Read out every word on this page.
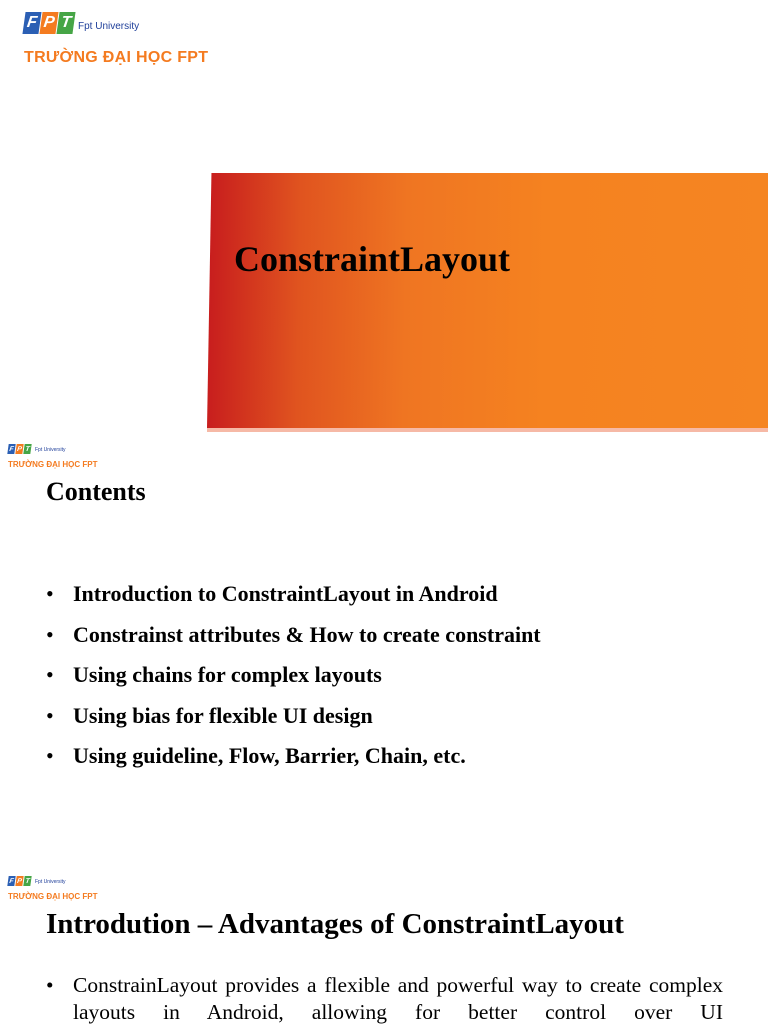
F P T Fpt University
TRƯỜNG ĐẠI HỌC FPT
ConstraintLayout
F P T Fpt University
TRƯỜNG ĐẠI HỌC FPT
Contents
• Introduction to ConstraintLayout in Android
• Constrainst attributes & How to create constraint
• Using chains for complex layouts
• Using bias for flexible UI design
• Using guideline, Flow, Barrier, Chain, etc.
F P T Fpt University
TRƯỜNG ĐẠI HỌC FPT
Introdution – Advantages of ConstraintLayout
• ConstrainLayout provides a flexible and powerful way to create complex layouts in Android, allowing for better control over UI
